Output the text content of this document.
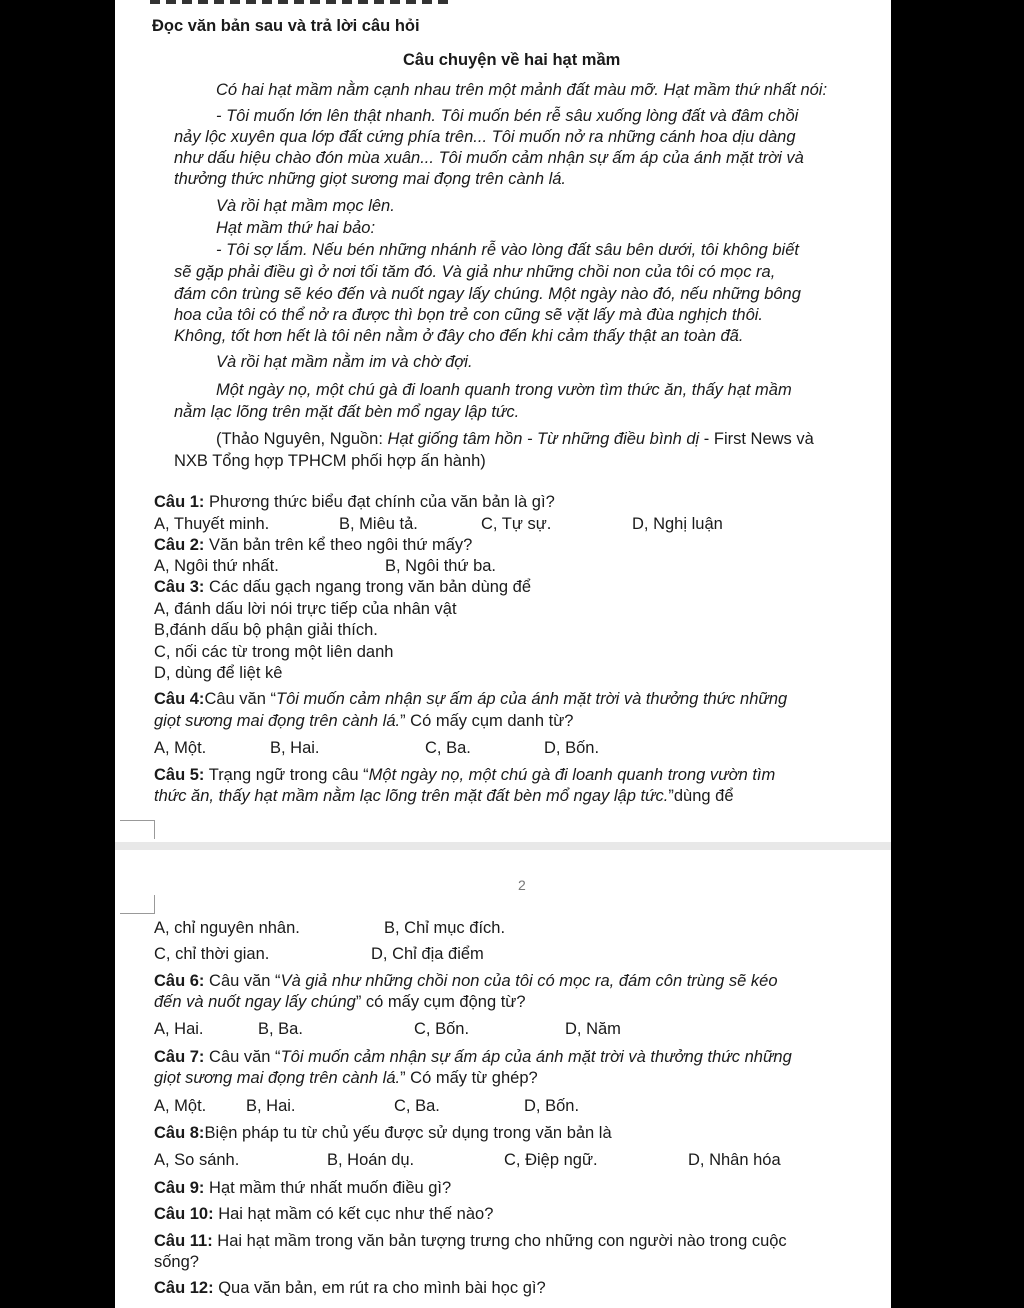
Đọc văn bản sau và trả lời câu hỏi
Câu chuyện về hai hạt mầm
Có hai hạt mầm nằm cạnh nhau trên một mảnh đất màu mỡ. Hạt mầm thứ nhất nói:
- Tôi muốn lớn lên thật nhanh. Tôi muốn bén rễ sâu xuống lòng đất và đâm chồi
nảy lộc xuyên qua lớp đất cứng phía trên... Tôi muốn nở ra những cánh hoa dịu dàng
như dấu hiệu chào đón mùa xuân... Tôi muốn cảm nhận sự ấm áp của ánh mặt trời và
thưởng thức những giọt sương mai đọng trên cành lá.
Và rồi hạt mầm mọc lên.
Hạt mầm thứ hai bảo:
- Tôi sợ lắm. Nếu bén những nhánh rễ vào lòng đất sâu bên dưới, tôi không biết
sẽ gặp phải điều gì ở nơi tối tăm đó. Và giả như những chồi non của tôi có mọc ra,
đám côn trùng sẽ kéo đến và nuốt ngay lấy chúng. Một ngày nào đó, nếu những bông
hoa của tôi có thể nở ra được thì bọn trẻ con cũng sẽ vặt lấy mà đùa nghịch thôi.
Không, tốt hơn hết là tôi nên nằm ở đây cho đến khi cảm thấy thật an toàn đã.
Và rồi hạt mầm nằm im và chờ đợi.
Một ngày nọ, một chú gà đi loanh quanh trong vườn tìm thức ăn, thấy hạt mầm
nằm lạc lõng trên mặt đất bèn mổ ngay lập tức.
(Thảo Nguyên, Nguồn: Hạt giống tâm hồn - Từ những điều bình dị - First News và
NXB Tổng hợp TPHCM phối hợp ấn hành)
Câu 1: Phương thức biểu đạt chính của văn bản là gì?
A, Thuyết minh.	B, Miêu tả.	C, Tự sự.	D, Nghị luận
Câu 2: Văn bản trên kể theo ngôi thứ mấy?
A, Ngôi thứ nhất.	B, Ngôi thứ ba.
Câu 3: Các dấu gạch ngang trong văn bản dùng để
A, đánh dấu lời nói trực tiếp của nhân vật
B,đánh dấu bộ phận giải thích.
C, nối các từ trong một liên danh
D, dùng để liệt kê
Câu 4:Câu văn “Tôi muốn cảm nhận sự ấm áp của ánh mặt trời và thưởng thức những
giọt sương mai đọng trên cành lá.” Có mấy cụm danh từ?
A, Một.	B, Hai.	C, Ba.	D, Bốn.
Câu 5: Trạng ngữ trong câu “Một ngày nọ, một chú gà đi loanh quanh trong vườn tìm
thức ăn, thấy hạt mầm nằm lạc lõng trên mặt đất bèn mổ ngay lập tức.”dùng để
2
A, chỉ nguyên nhân.	B, Chỉ mục đích.
C, chỉ thời gian.	D, Chỉ địa điểm
Câu 6: Câu văn “Và giả như những chồi non của tôi có mọc ra, đám côn trùng sẽ kéo
đến và nuốt ngay lấy chúng” có mấy cụm động từ?
A, Hai.	B, Ba.	C, Bốn.	D, Năm
Câu 7: Câu văn “Tôi muốn cảm nhận sự ấm áp của ánh mặt trời và thưởng thức những
giọt sương mai đọng trên cành lá.” Có mấy từ ghép?
A, Một. B, Hai.	C, Ba.	D, Bốn.
Câu 8:Biện pháp tu từ chủ yếu được sử dụng trong văn bản là
A, So sánh.	B, Hoán dụ.	C, Điệp ngữ.	D, Nhân hóa
Câu 9: Hạt mầm thứ nhất muốn điều gì?
Câu 10: Hai hạt mầm có kết cục như thế nào?
Câu 11: Hai hạt mầm trong văn bản tượng trưng cho những con người nào trong cuộc
sống?
Câu 12: Qua văn bản, em rút ra cho mình bài học gì?
